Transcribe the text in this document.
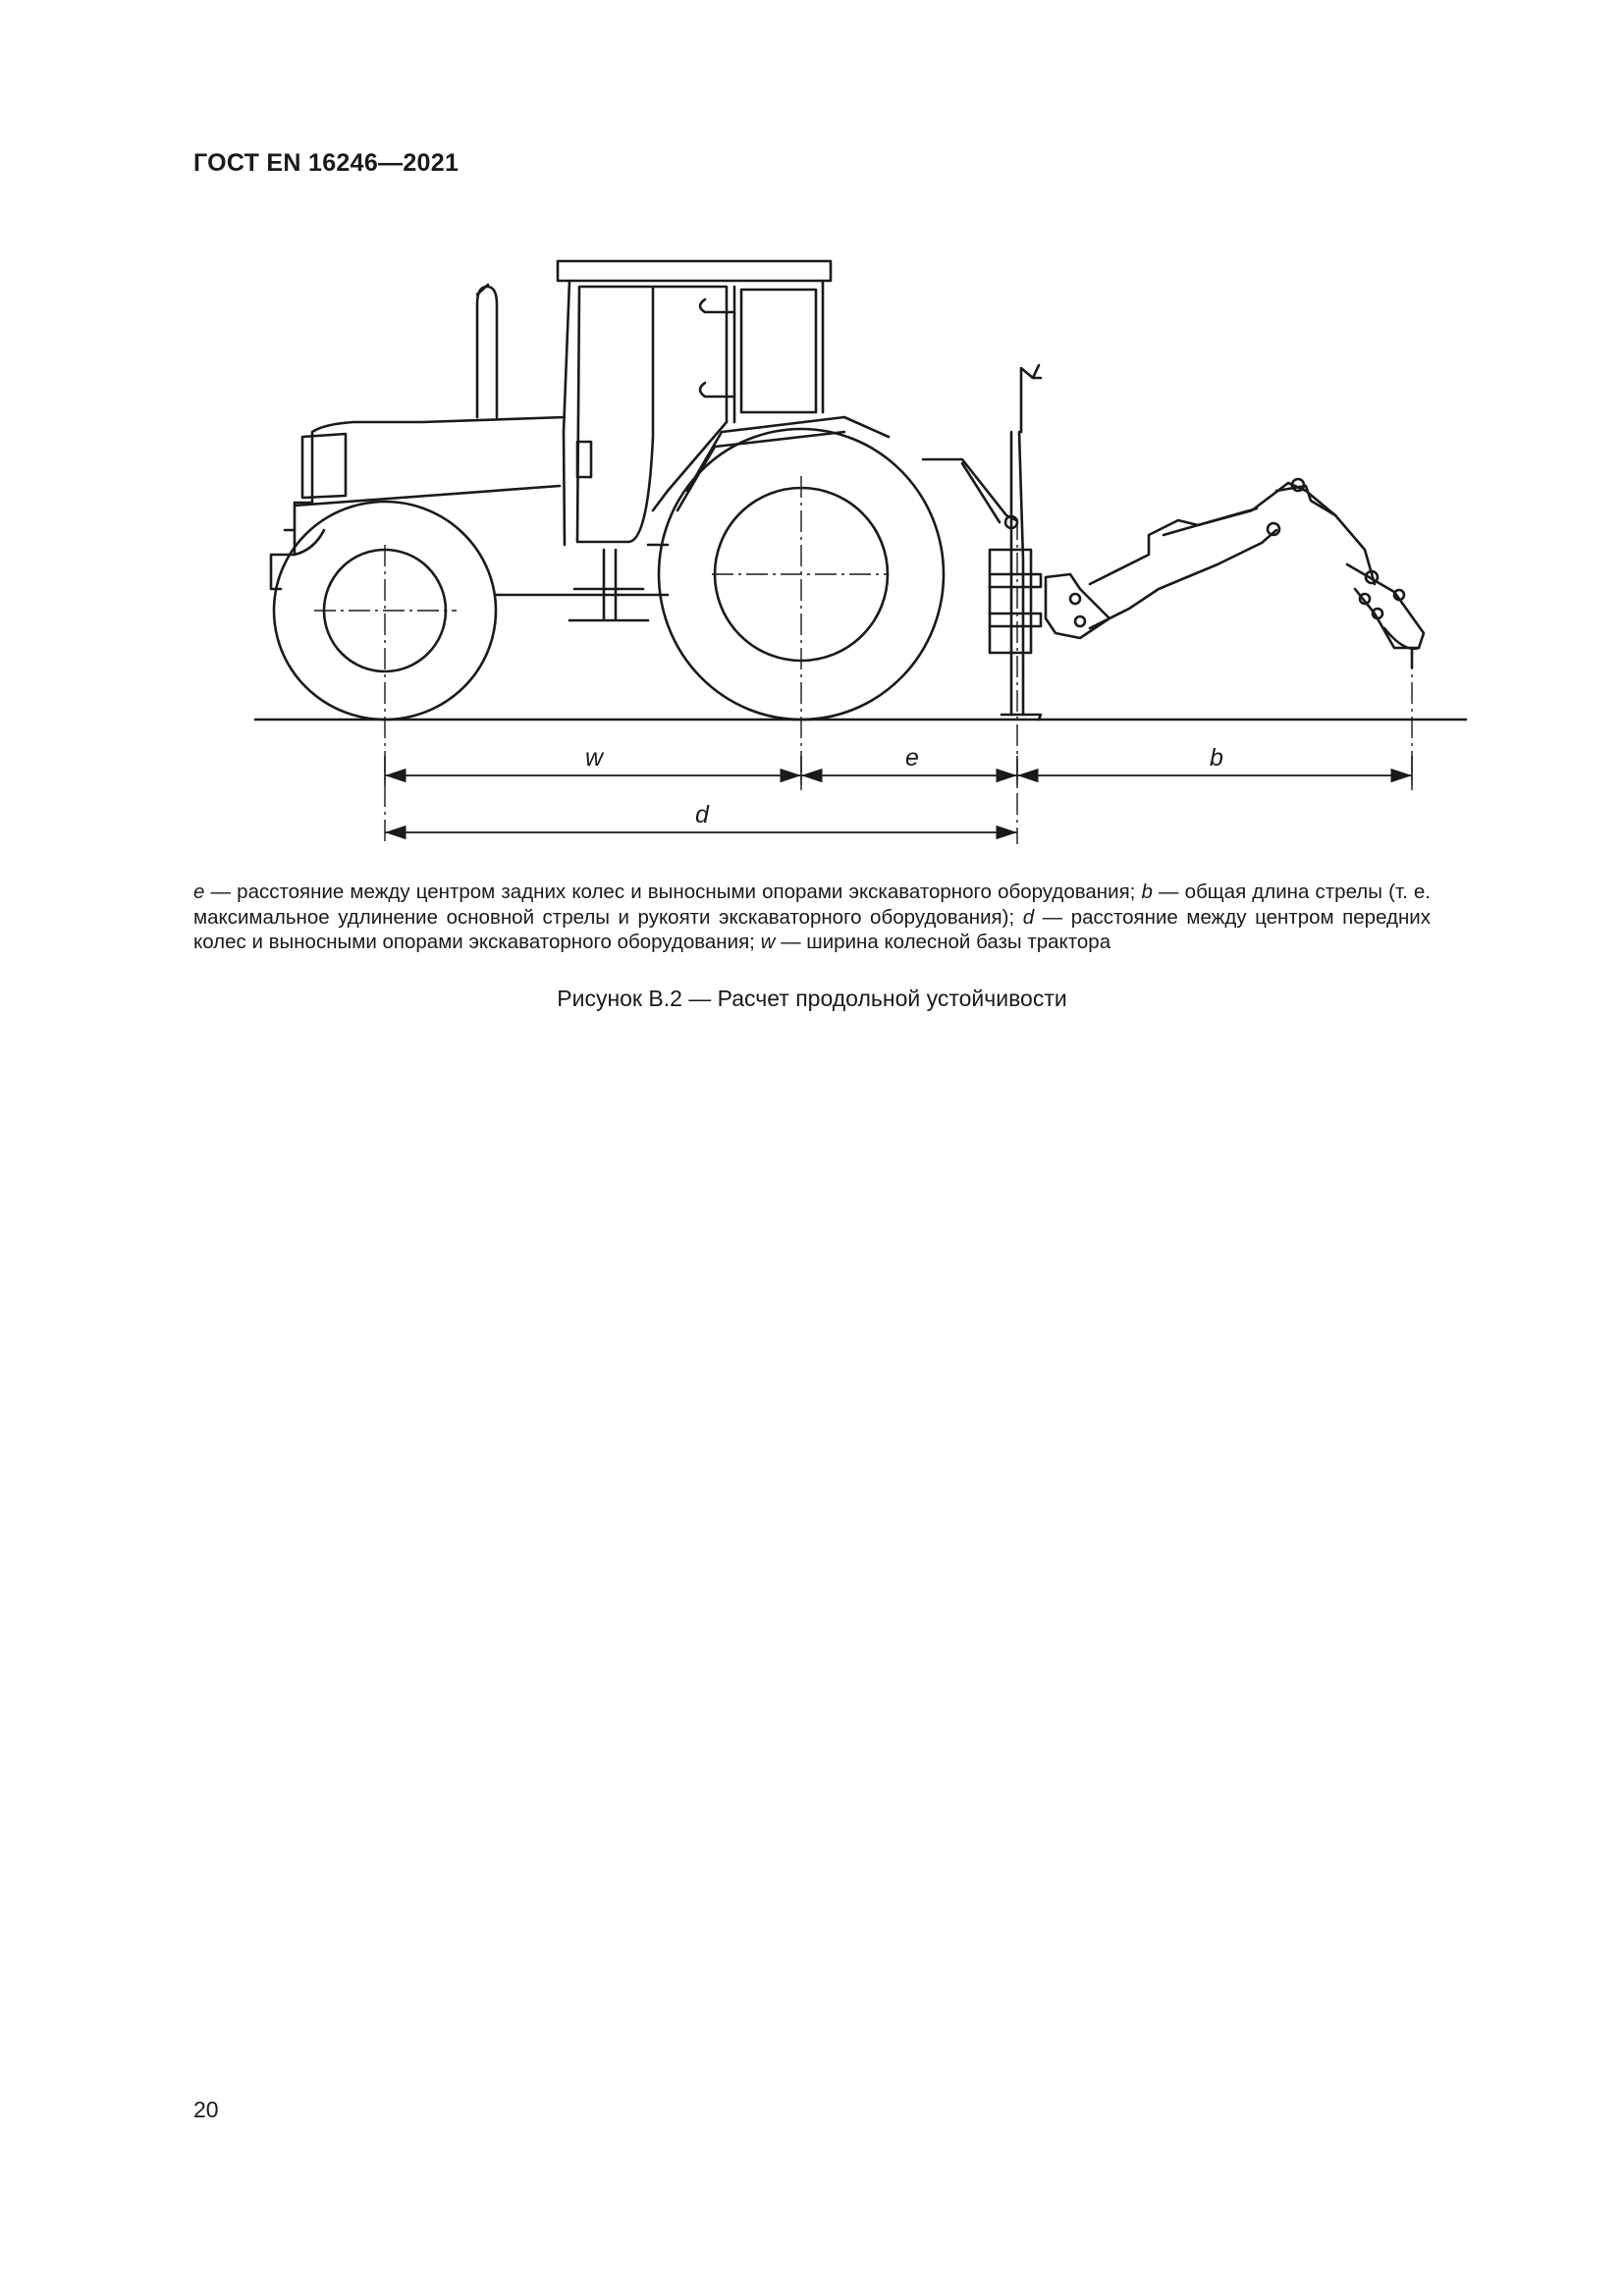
ГОСТ EN 16246—2021
w	e	b
d
e — расстояние между центром задних колес и выносными опорами экскаваторного оборудования; b — общая длина стрелы (т. е. максимальное удлинение основной стрелы и рукояти экскаваторного оборудования); d — расстояние между центром передних колес и выносными опорами экскаваторного оборудования; w — ширина колесной базы трактора
Рисунок В.2 — Расчет продольной устойчивости
20
